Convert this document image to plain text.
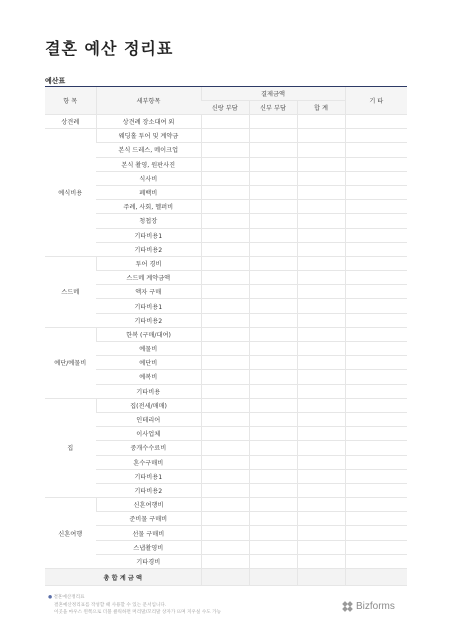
결혼 예산 정리표
예산표
항 목	세부항목	결제금액			기 타
		신랑 부담	신부 부담	합 계	
상견례	상견례 장소대여 외				
예식비용	웨딩홀 투어 및 계약금				
	본식 드레스, 메이크업				
	본식 촬영, 원판사진				
	식사비				
	폐백비				
	주례, 사회, 헬퍼비				
	청첩장				
	기타비용1				
	기타비용2				
스드메	투어 경비				
	스드메 계약금액				
	액자 구매				
	기타비용1				
	기타비용2				
예단/예물비	한복 (구매/대여)				
	예물비				
	예단비				
	예복비				
	기타비용				
집	집(전세/매매)				
	인테리어				
	이사업체				
	중개수수료비				
	혼수구매비				
	기타비용1				
	기타비용2				
신혼여행	신혼여행비				
	준비물 구매비				
	선물 구매비				
	스냅촬영비				
	기타경비				
총 합 계 금 액					
● 결혼예산정리표
결혼예산정리표를 작성할 때 사용할 수 있는 문서입니다.
이곳을 마우스 왼쪽으로 더블 클릭하면 머리말/꼬리말 상자가 뜨며 지우실 수도 가능
Bizforms
